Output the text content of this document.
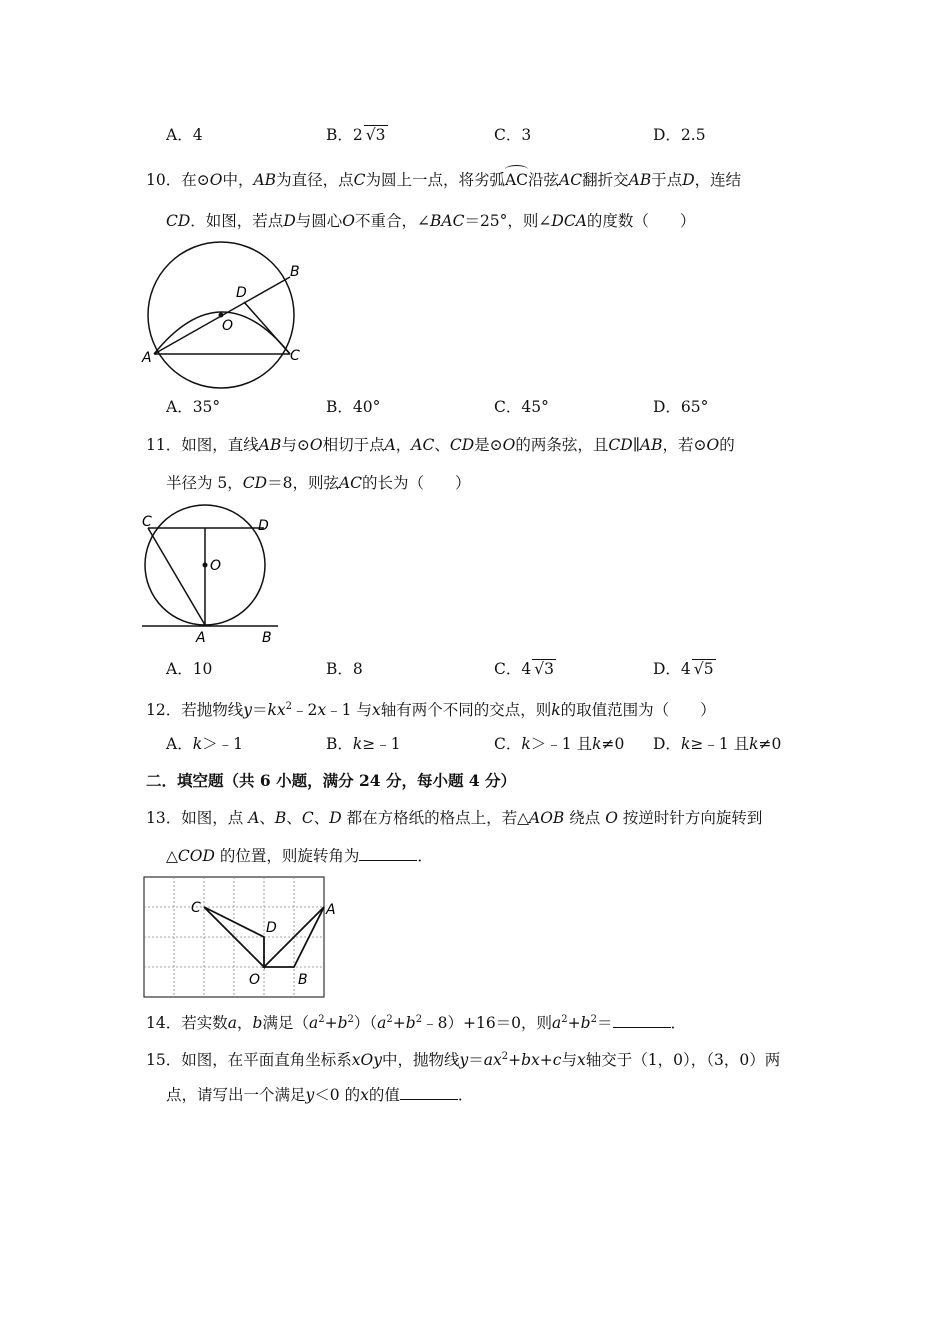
A．4	B．2 √3	C．3	D．2.5
10．在⊙O中，AB为直径，点C为圆上一点，将劣弧AC沿弦AC翻折交AB于点D，连结
CD．如图，若点D与圆心O不重合，∠BAC＝25°，则∠DCA的度数（　　）
A
B
C
D
O
A．35°	B．40°	C．45°	D．65°
11．如图，直线AB与⊙O相切于点A，AC、CD是⊙O的两条弦，且CD∥AB，若⊙O的
半径为 5，CD＝8，则弦AC的长为（　　）
C	D
O
A	B
A．10	B．8	C．4 √3	D．4 √5
12．若抛物线$y=kx^2﹣2x﹣1$ 与x轴有两个不同的交点，则k的取值范围为（　　）
A．k＞﹣1	B．k≥﹣1	C．k＞﹣1 且k≠0 D．k≥﹣1 且k≠0
二．填空题（共 6 小题，满分 24 分，每小题 4 分）
13．如图，点 A、B、C、D 都在方格纸的格点上，若△AOB 绕点 O 按逆时针方向旋转到
△COD 的位置，则旋转角为	．
C
D
O	B
A
14．若实数a，b满足$(a^2+b^2)(a^2+b^2﹣8)+16=0$，则$a^2+b^2=$	．
15．如图，在平面直角坐标系xOy中，抛物线$y=ax^2+bx+c$与x轴交于（1，0），（3，0）两
点，请写出一个满足y＜0 的x的值	．
